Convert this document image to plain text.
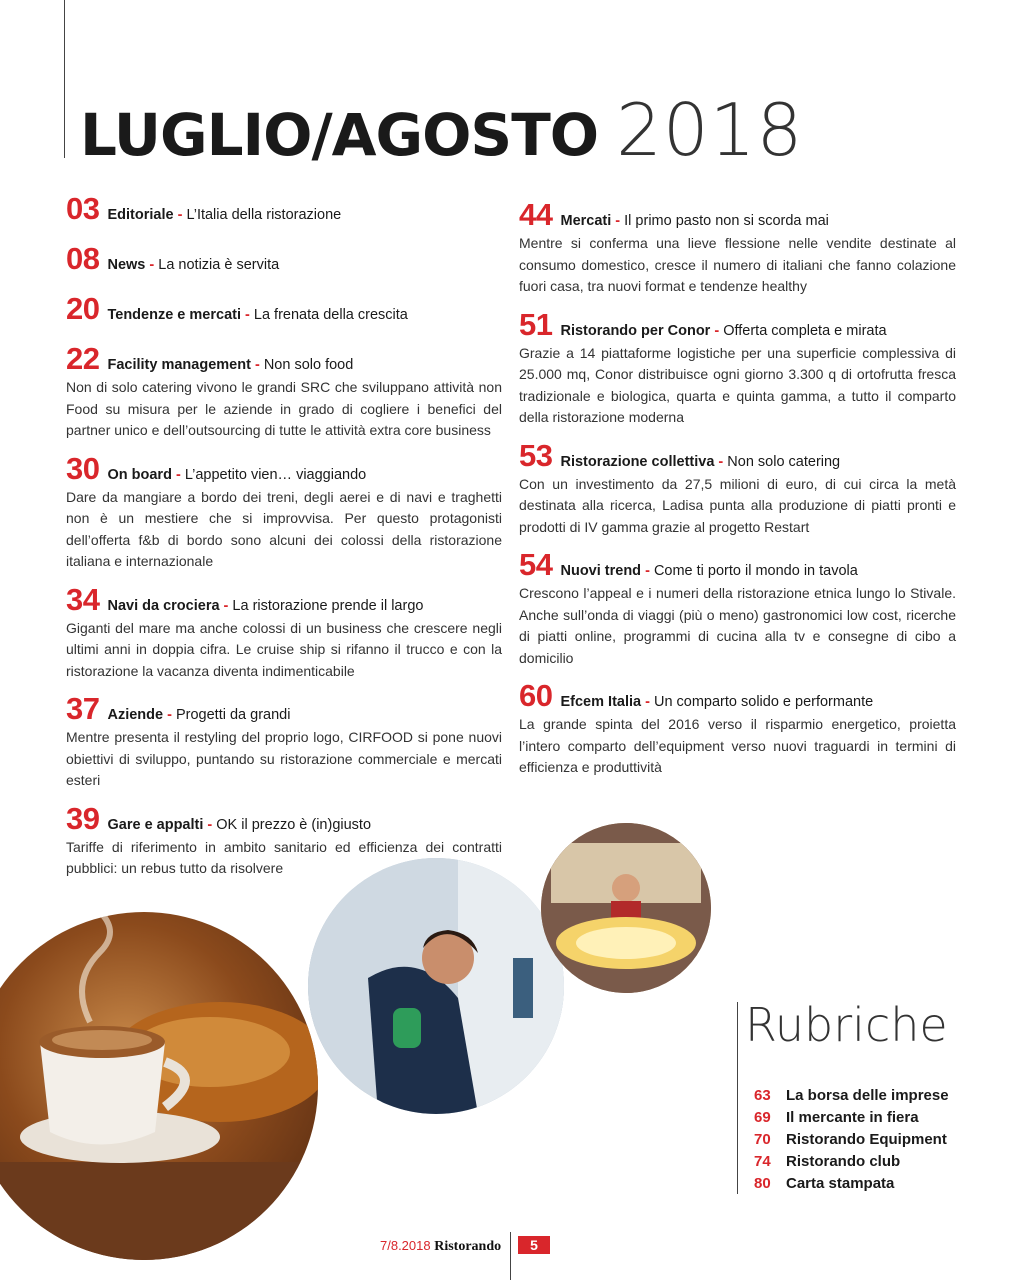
LUGLIO/AGOSTO 2018
03 Editoriale - L’Italia della ristorazione
08 News - La notizia è servita
20 Tendenze e mercati - La frenata della crescita
22 Facility management - Non solo food
Non di solo catering vivono le grandi SRC che sviluppano attività non Food su misura per le aziende in grado di cogliere i benefici del partner unico e dell’outsourcing di tutte le attività extra core business
30 On board - L’appetito vien… viaggiando
Dare da mangiare a bordo dei treni, degli aerei e di navi e traghetti non è un mestiere che si improvvisa. Per questo protagonisti dell’offerta f&b di bordo sono alcuni dei colossi della ristorazione italiana e internazionale
34 Navi da crociera - La ristorazione prende il largo
Giganti del mare ma anche colossi di un business che crescere negli ultimi anni in doppia cifra. Le cruise ship si rifanno il trucco e con la ristorazione la vacanza diventa indimenticabile
37 Aziende - Progetti da grandi
Mentre presenta il restyling del proprio logo, CIRFOOD si pone nuovi obiettivi di sviluppo, puntando su ristorazione commerciale e mercati esteri
39 Gare e appalti - OK il prezzo è (in)giusto
Tariffe di riferimento in ambito sanitario ed efficienza dei contratti pubblici: un rebus tutto da risolvere
44 Mercati - Il primo pasto non si scorda mai
Mentre si conferma una lieve flessione nelle vendite destinate al consumo domestico, cresce il numero di italiani che fanno colazione fuori casa, tra nuovi format e tendenze healthy
51 Ristorando per Conor - Offerta completa e mirata
Grazie a 14 piattaforme logistiche per una superficie complessiva di 25.000 mq, Conor distribuisce ogni giorno 3.300 q di ortofrutta fresca tradizionale e biologica, quarta e quinta gamma, a tutto il comparto della ristorazione moderna
53 Ristorazione collettiva - Non solo catering
Con un investimento da 27,5 milioni di euro, di cui circa la metà destinata alla ricerca, Ladisa punta alla produzione di piatti pronti e prodotti di IV gamma grazie al progetto Restart
54 Nuovi trend - Come ti porto il mondo in tavola
Crescono l’appeal e i numeri della ristorazione etnica lungo lo Stivale. Anche sull’onda di viaggi (più o meno) gastronomici low cost, ricerche di piatti online, programmi di cucina alla tv e consegne di cibo a domicilio
60 Efcem Italia - Un comparto solido e performante
La grande spinta del 2016 verso il risparmio energetico, proietta l’intero comparto dell’equipment verso nuovi traguardi in termini di efficienza e produttività
Rubriche
63 La borsa delle imprese
69 Il mercante in fiera
70 Ristorando Equipment
74 Ristorando club
80 Carta stampata
7/8.2018 Ristorando	5
